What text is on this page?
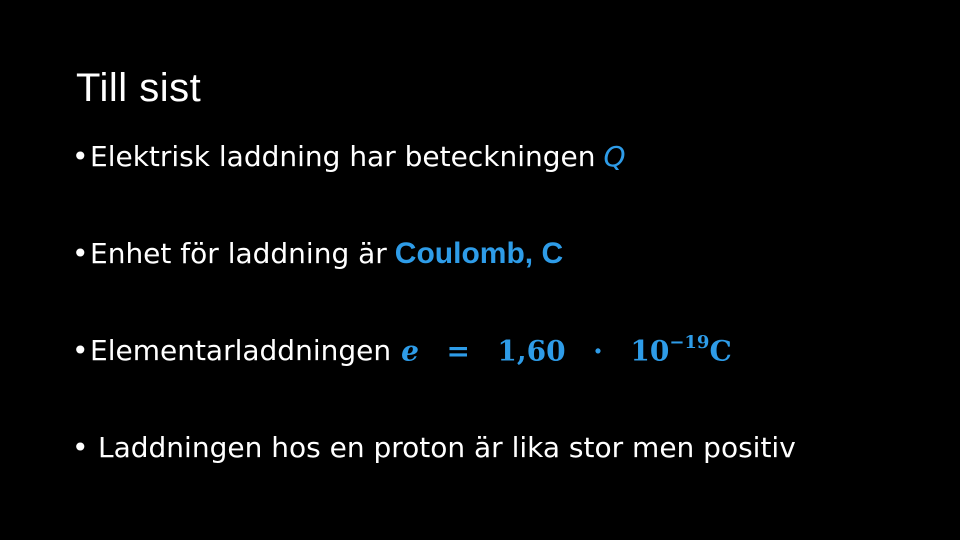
Till sist
• Elektrisk laddning har beteckningen Q
• Enhet för laddning är Coulomb, C
• Elementarladdningen $e = 1,60 \cdot 10^{-19}C$
• Laddningen hos en proton är lika stor men positiv
